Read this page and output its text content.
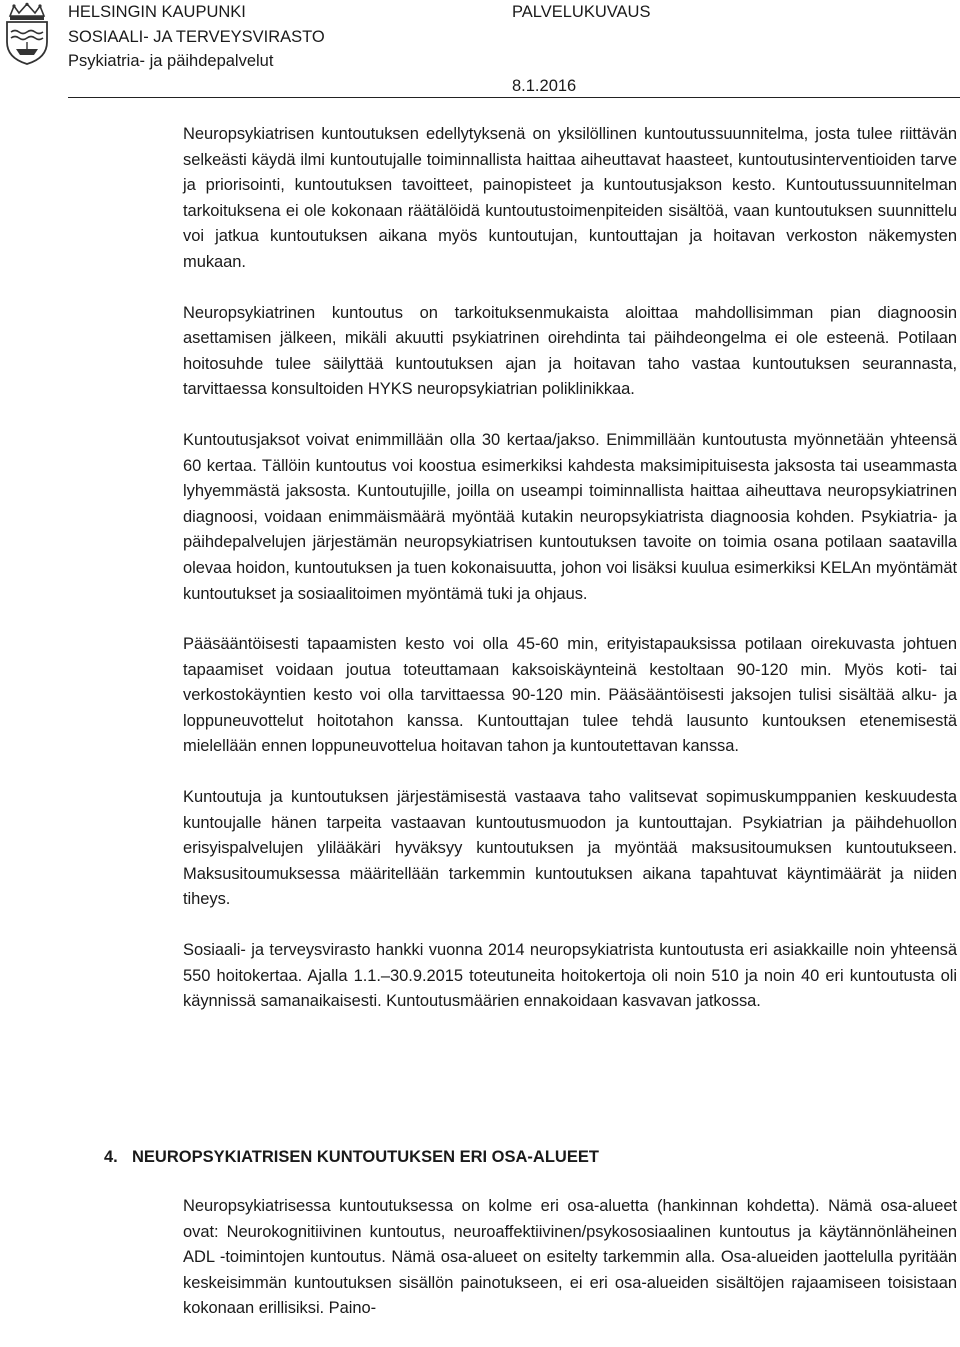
HELSINGIN KAUPUNKI
SOSIAALI- JA TERVEYSVIRASTO
Psykiatria- ja päihdepalvelut
PALVELUKUVAUS
8.1.2016

Neuropsykiatrisen kuntoutuksen edellytyksenä on yksilöllinen kuntoutussuunnitelma, josta tulee riittävän selkeästi käydä ilmi kuntoutujalle toiminnallista haittaa aiheuttavat haasteet, kuntoutusinterventioiden tarve ja priorisointi, kuntoutuksen tavoitteet, painopisteet ja kuntoutusjakson kesto. Kuntoutussuunnitelman tarkoituksena ei ole kokonaan räätälöidä kuntoutustoimenpiteiden sisältöä, vaan kuntoutuksen suunnittelu voi jatkua kuntoutuksen aikana myös kuntoutujan, kuntouttajan ja hoitavan verkoston näkemysten mukaan.

Neuropsykiatrinen kuntoutus on tarkoituksenmukaista aloittaa mahdollisimman pian diagnoosin asettamisen jälkeen, mikäli akuutti psykiatrinen oirehdinta tai päihdeongelma ei ole esteenä. Potilaan hoitosuhde tulee säilyttää kuntoutuksen ajan ja hoitavan taho vastaa kuntoutuksen seurannasta, tarvittaessa konsultoiden HYKS neuropsykiatrian poliklinikkaa.

Kuntoutusjaksot voivat enimmillään olla 30 kertaa/jakso. Enimmillään kuntoutusta myönnetään yhteensä 60 kertaa. Tällöin kuntoutus voi koostua esimerkiksi kahdesta maksimipituisesta jaksosta tai useammasta lyhyemmästä jaksosta. Kuntoutujille, joilla on useampi toiminnallista haittaa aiheuttava neuropsykiatrinen diagnoosi, voidaan enimmäismäärä myöntää kutakin neuropsykiatrista diagnoosia kohden. Psykiatria- ja päihdepalvelujen järjestämän neuropsykiatrisen kuntoutuksen tavoite on toimia osana potilaan saatavilla olevaa hoidon, kuntoutuksen ja tuen kokonaisuutta, johon voi lisäksi kuulua esimerkiksi KELAn myöntämät kuntoutukset ja sosiaalitoimen myöntämä tuki ja ohjaus.

Pääsääntöisesti tapaamisten kesto voi olla 45-60 min, erityistapauksissa potilaan oirekuvasta johtuen tapaamiset voidaan joutua toteuttamaan kaksoiskäynteinä kestoltaan 90-120 min. Myös koti- tai verkostokäyntien kesto voi olla tarvittaessa 90-120 min. Pääsääntöisesti jaksojen tulisi sisältää alku- ja loppuneuvottelut hoitotahon kanssa. Kuntouttajan tulee tehdä lausunto kuntouksen etenemisestä mielellään ennen loppuneuvottelua hoitavan tahon ja kuntoutettavan kanssa.

Kuntoutuja ja kuntoutuksen järjestämisestä vastaava taho valitsevat sopimuskumppanien keskuudesta kuntoujalle hänen tarpeita vastaavan kuntoutusmuodon ja kuntouttajan. Psykiatrian ja päihdehuollon erisyispalvelujen ylilääkäri hyväksyy kuntoutuksen ja myöntää maksusitoumuksen kuntoutukseen. Maksusitoumuksessa määritellään tarkemmin kuntoutuksen aikana tapahtuvat käyntimäärät ja niiden tiheys.

Sosiaali- ja terveysvirasto hankki vuonna 2014 neuropsykiatrista kuntoutusta eri asiakkaille noin yhteensä 550 hoitokertaa. Ajalla 1.1.–30.9.2015 toteutuneita hoitokertoja oli noin 510 ja noin 40 eri kuntoutusta oli käynnissä samanaikaisesti. Kuntoutusmäärien ennakoidaan kasvavan jatkossa.

4. NEUROPSYKIATRISEN KUNTOUTUKSEN ERI OSA-ALUEET

Neuropsykiatrisessa kuntoutuksessa on kolme eri osa-aluetta (hankinnan kohdetta). Nämä osa-alueet ovat: Neurokognitiivinen kuntoutus, neuroaffektiivinen/psykososiaalinen kuntoutus ja käytännönläheinen ADL -toimintojen kuntoutus. Nämä osa-alueet on esitelty tarkemmin alla. Osa-alueiden jaottelulla pyritään keskeisimmän kuntoutuksen sisällön painotukseen, ei eri osa-alueiden sisältöjen rajaamiseen toisistaan kokonaan erillisiksi. Paino-
